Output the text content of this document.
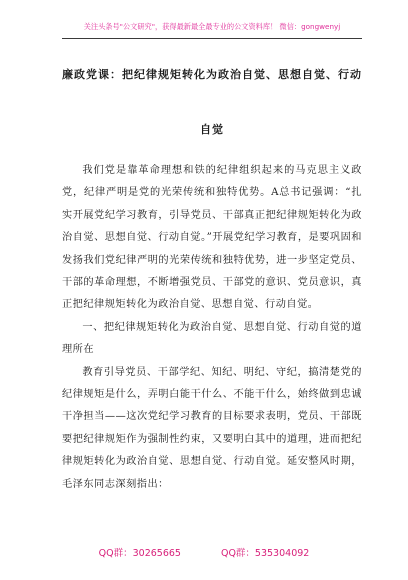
关注头条号"公文研究"，获得最新最全最专业的公文资料库！ 微信：gongwenyj
廉政党课：把纪律规矩转化为政治自觉、思想自觉、行动
自觉

我们党是靠革命理想和铁的纪律组织起来的马克思主义政党，纪律严明是党的光荣传统和独特优势。A总书记强调：“扎实开展党纪学习教育，引导党员、干部真正把纪律规矩转化为政治自觉、思想自觉、行动自觉。”开展党纪学习教育，是要巩固和发扬我们党纪律严明的光荣传统和独特优势，进一步坚定党员、干部的革命理想，不断增强党员、干部党的意识、党员意识，真正把纪律规矩转化为政治自觉、思想自觉、行动自觉。

一、把纪律规矩转化为政治自觉、思想自觉、行动自觉的道理所在

教育引导党员、干部学纪、知纪、明纪、守纪，搞清楚党的纪律规矩是什么，弄明白能干什么、不能干什么，始终做到忠诚干净担当——这次党纪学习教育的目标要求表明，党员、干部既要把纪律规矩作为强制性约束，又要明白其中的道理，进而把纪律规矩转化为政治自觉、思想自觉、行动自觉。延安整风时期，毛泽东同志深刻指出：

QQ群：30265665	QQ群：535304092
